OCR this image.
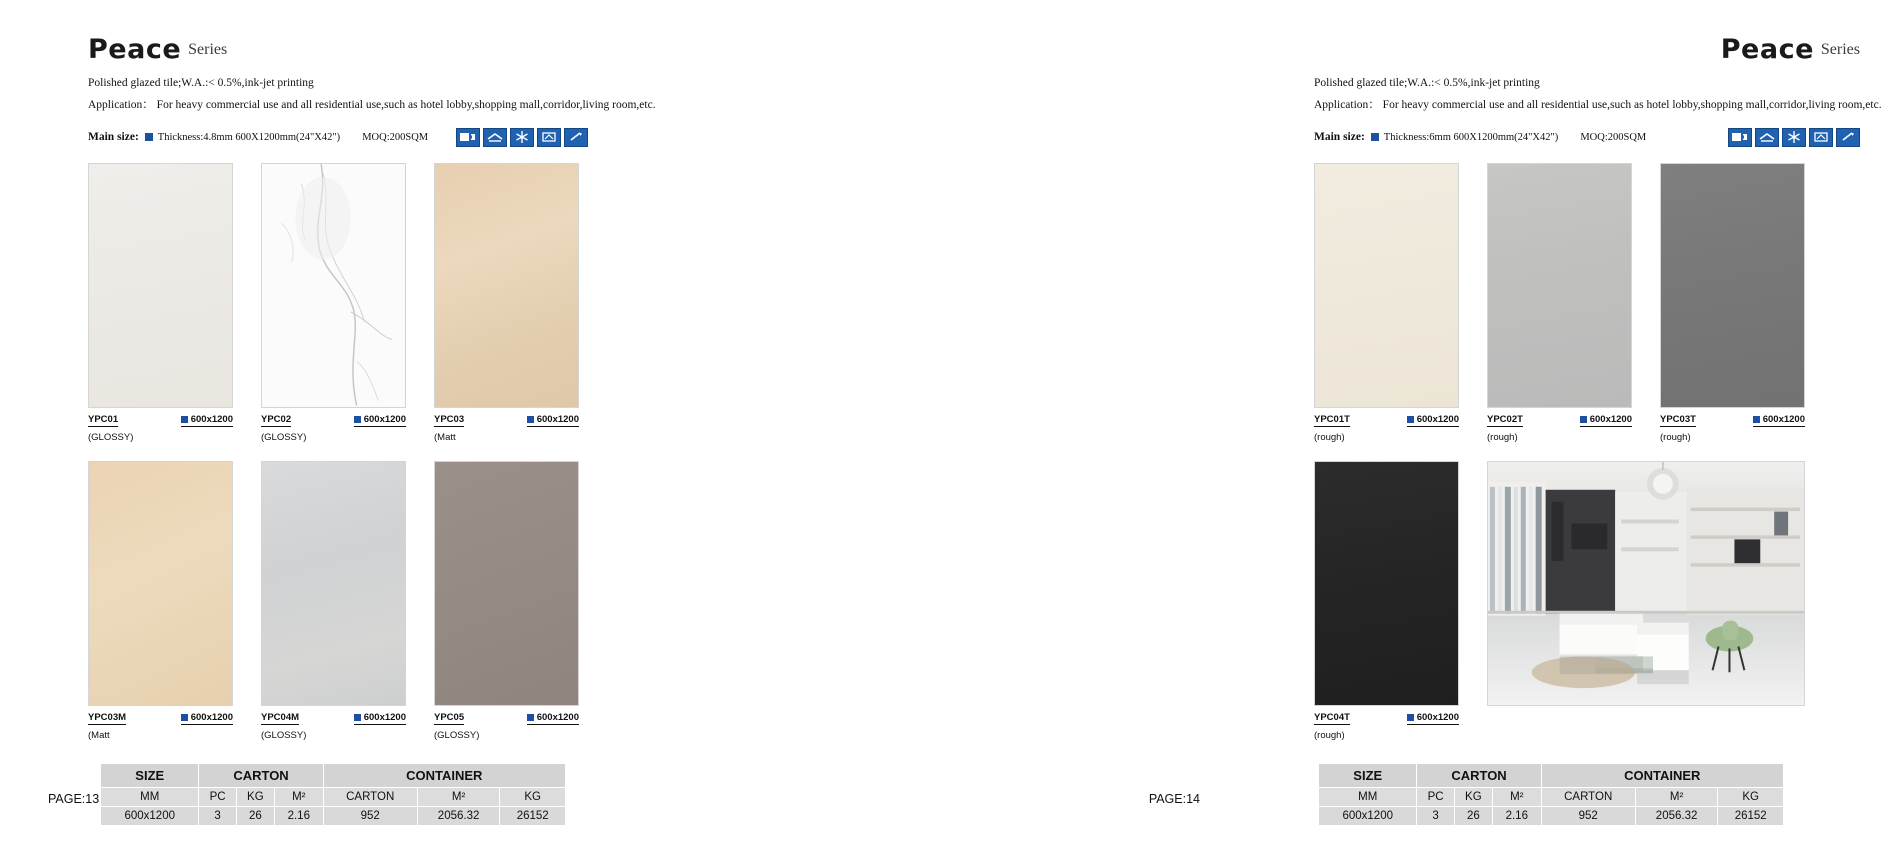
Peace Series
Polished glazed tile;W.A.:< 0.5%,ink-jet printing
Application： For heavy commercial use and all residential use,such as hotel lobby,shopping mall,corridor,living room,etc.
Main size: Thickness:4.8mm 600X1200mm(24"X42") MOQ:200SQM
YPC01	600x1200
(GLOSSY)
YPC02	600x1200
(GLOSSY)
YPC03	600x1200
(Matt
YPC03M	600x1200
(Matt
YPC04M	600x1200
(GLOSSY)
YPC05	600x1200
(GLOSSY)
SIZE	CARTON			CONTAINER		
MM	PC	KG	M²	CARTON	M²	KG
600x1200	3	26	2.16	952	2056.32	26152
PAGE:13
Peace Series
Polished glazed tile;W.A.:< 0.5%,ink-jet printing
Application： For heavy commercial use and all residential use,such as hotel lobby,shopping mall,corridor,living room,etc.
Main size: Thickness:6mm 600X1200mm(24"X42") MOQ:200SQM
YPC01T	600x1200
(rough)
YPC02T	600x1200
(rough)
YPC03T	600x1200
(rough)
YPC04T	600x1200
(rough)
SIZE	CARTON			CONTAINER		
MM	PC	KG	M²	CARTON	M²	KG
600x1200	3	26	2.16	952	2056.32	26152
PAGE:14
